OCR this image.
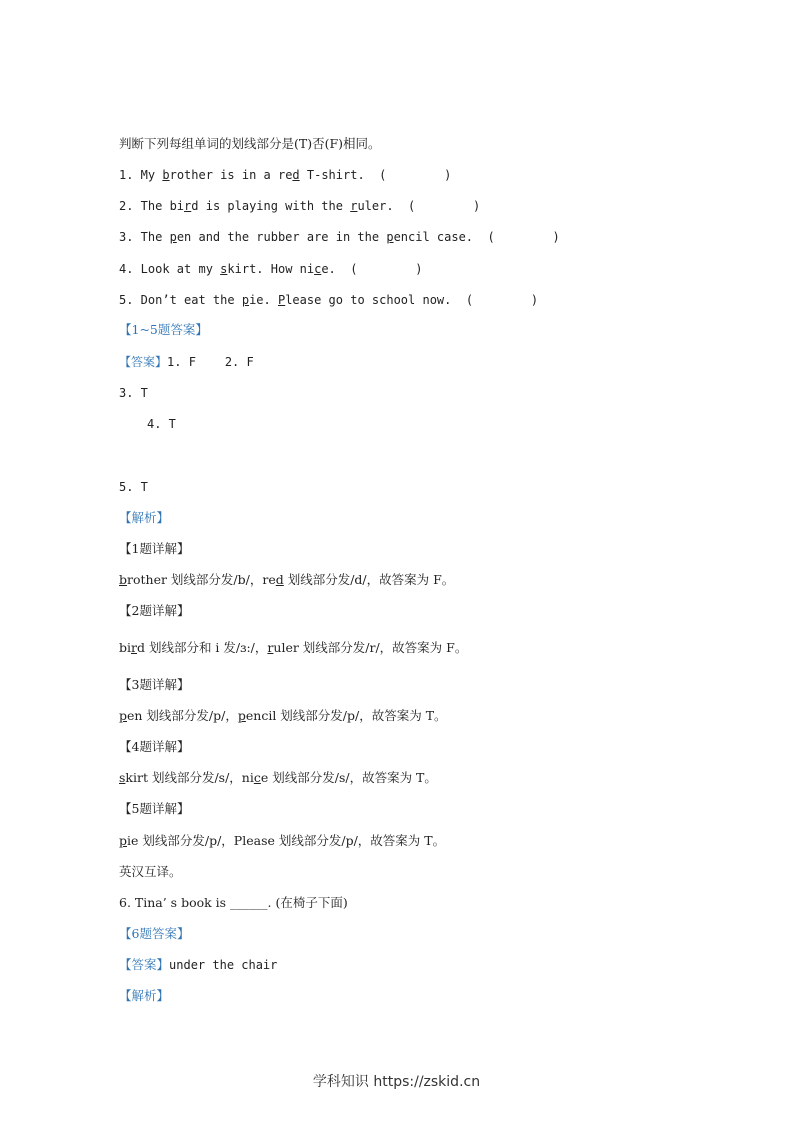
判断下列每组单词的划线部分是(T)否(F)相同。
1. My brother is in a red T-shirt.  (        )
2. The bird is playing with the ruler.  (        )
3. The pen and the rubber are in the pencil case.  (        )
4. Look at my skirt. How nice.  (        )
5. Don’t eat the pie. Please go to school now.  (        )
【1~5题答案】
【答案】1. F    2. F
3. T
4. T
5. T
【解析】
【1题详解】
brother 划线部分发/b/，red 划线部分发/d/，故答案为 F。
【2题详解】
bird 划线部分和 i 发/ɜ:/，ruler 划线部分发/r/，故答案为 F。
【3题详解】
pen 划线部分发/p/，pencil 划线部分发/p/，故答案为 T。
【4题详解】
skirt 划线部分发/s/，nice 划线部分发/s/，故答案为 T。
【5题详解】
pie 划线部分发/p/，Please 划线部分发/p/，故答案为 T。
英汉互译。
6. Tina’ s book is ______. (在椅子下面)
【6题答案】
【答案】under the chair
【解析】
学科知识 https://zskid.cn
